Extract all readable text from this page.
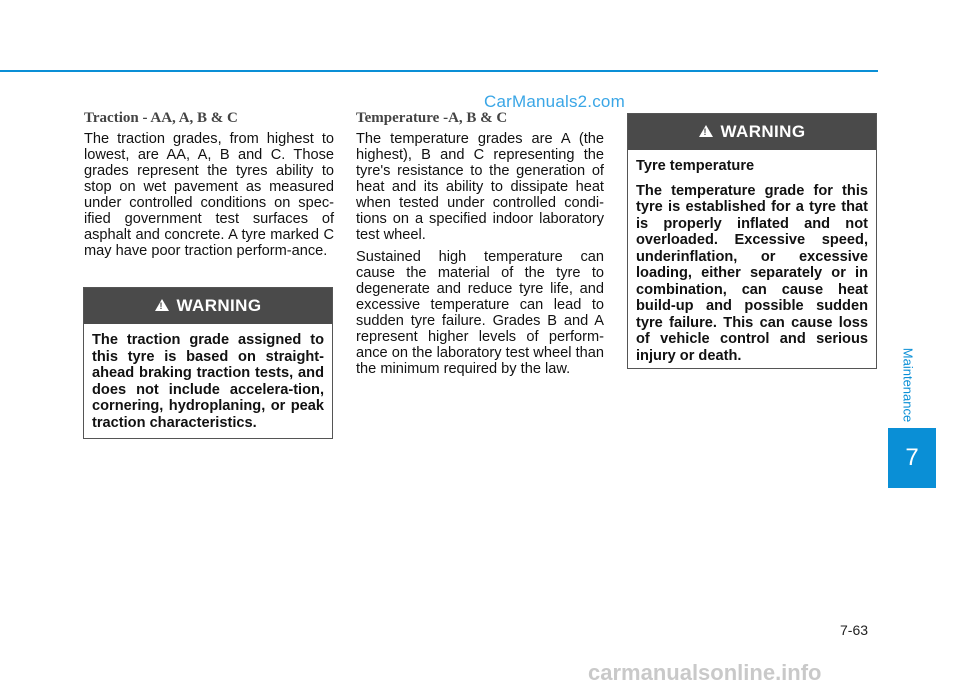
CarManuals2.com
Traction - AA, A, B & C

The traction grades, from highest to lowest, are AA, A, B and C. Those grades represent the tyres ability to stop on wet pavement as measured under controlled conditions on spec-ified government test surfaces of asphalt and concrete. A tyre marked C may have poor traction perform-ance.

!
WARNING

The traction grade assigned to this tyre is based on straight-ahead braking traction tests, and does not include accelera-tion, cornering, hydroplaning, or peak traction characteristics.

Temperature -A, B & C

The temperature grades are A (the highest), B and C representing the tyre's resistance to the generation of heat and its ability to dissipate heat when tested under controlled condi-tions on a specified indoor laboratory test wheel.

Sustained high temperature can cause the material of the tyre to degenerate and reduce tyre life, and excessive temperature can lead to sudden tyre failure. Grades B and A represent higher levels of perform-ance on the laboratory test wheel than the minimum required by the law.

!
WARNING

Tyre temperature

The temperature grade for this tyre is established for a tyre that is properly inflated and not overloaded. Excessive speed, underinflation, or excessive loading, either separately or in combination, can cause heat build-up and possible sudden tyre failure. This can cause loss of vehicle control and serious injury or death.	Maintenance
7
7-63
carmanualsonline.info
